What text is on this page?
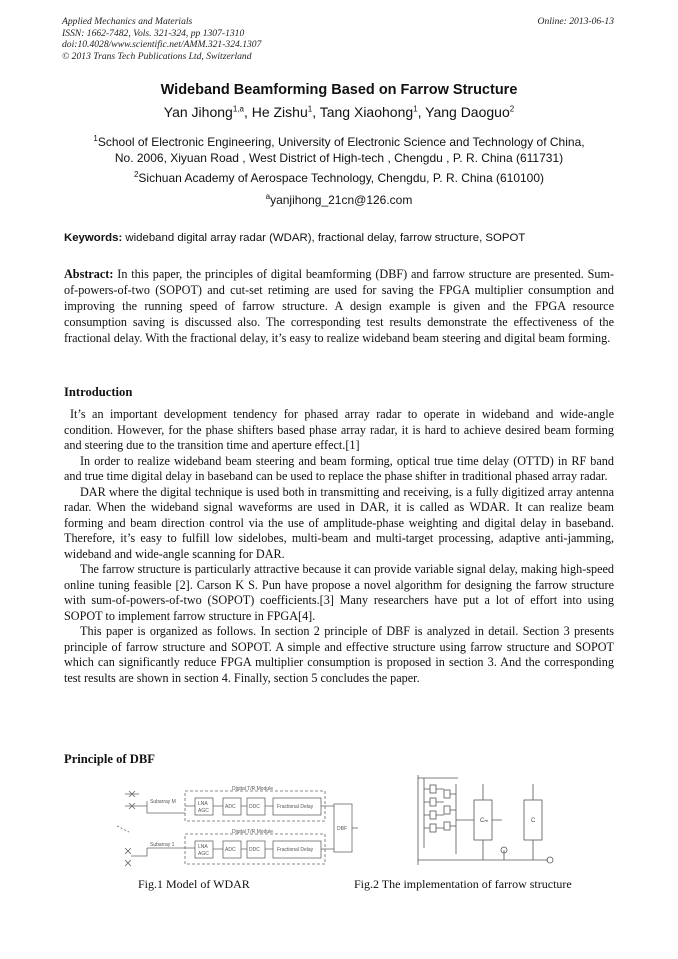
Applied Mechanics and Materials
ISSN: 1662-7482, Vols. 321-324, pp 1307-1310
doi:10.4028/www.scientific.net/AMM.321-324.1307
© 2013 Trans Tech Publications Ltd, Switzerland
Online: 2013-06-13
Wideband Beamforming Based on Farrow Structure
Yan Jihong$^{1,a}$, He Zishu$^1$, Tang Xiaohong$^1$, Yang Daoguo$^2$
$^1$School of Electronic Engineering, University of Electronic Science and Technology of China,
No. 2006, Xiyuan Road , West District of High-tech , Chengdu , P. R. China (611731)
$^2$Sichuan Academy of Aerospace Technology, Chengdu, P. R. China (610100)
$^a$yanjihong_21cn@126.com
Keywords: wideband digital array radar (WDAR), fractional delay, farrow structure, SOPOT
Abstract: In this paper, the principles of digital beamforming (DBF) and farrow structure are presented. Sum-of-powers-of-two (SOPOT) and cut-set retiming are used for saving the FPGA multiplier consumption and improving the running speed of farrow structure. A design example is given and the FPGA resource consumption saving is discussed also. The corresponding test results demonstrate the effectiveness of the fractional delay. With the fractional delay, it’s easy to realize wideband beam steering and digital beam forming.
Introduction

It’s an important development tendency for phased array radar to operate in wideband and wide-angle condition. However, for the phase shifters based phase array radar, it is hard to achieve desired beam forming and steering due to the transition time and aperture effect.[1]

In order to realize wideband beam steering and beam forming, optical true time delay (OTTD) in RF band and true time digital delay in baseband can be used to replace the phase shifter in traditional phased array radar.

DAR where the digital technique is used both in transmitting and receiving, is a fully digitized array antenna radar. When the wideband signal waveforms are used in DAR, it is called as WDAR. It can realize beam forming and beam direction control via the use of amplitude-phase weighting and digital delay in baseband. Therefore, it’s easy to fulfill low sidelobes, multi-beam and multi-target processing, adaptive anti-jamming, wideband and wide-angle scanning for DAR.

The farrow structure is particularly attractive because it can provide variable signal delay, making high-speed online tuning feasible [2]. Carson K S. Pun have propose a novel algorithm for designing the farrow structure with sum-of-powers-of-two (SOPOT) coefficients.[3] Many researchers have put a lot of effort into using SOPOT to implement farrow structure in FPGA[4].

This paper is organized as follows. In section 2 principle of DBF is analyzed in detail. Section 3 presents principle of farrow structure and SOPOT. A simple and effective structure using farrow structure and SOPOT which can significantly reduce FPGA multiplier consumption is proposed in section 3. And the corresponding test results are shown in section 4. Finally, section 5 concludes the paper.

Principle of DBF
Digital T/R Module
Digital T/R Module
Subarray M
Subarray 1
LNA
AGC
LNA
AGC
ADC
ADC
DDC
DDC
Fractional Delay
Fractional Delay
DBF
Cₘ	C
Fig.1 Model of WDAR	Fig.2 The implementation of farrow structure
